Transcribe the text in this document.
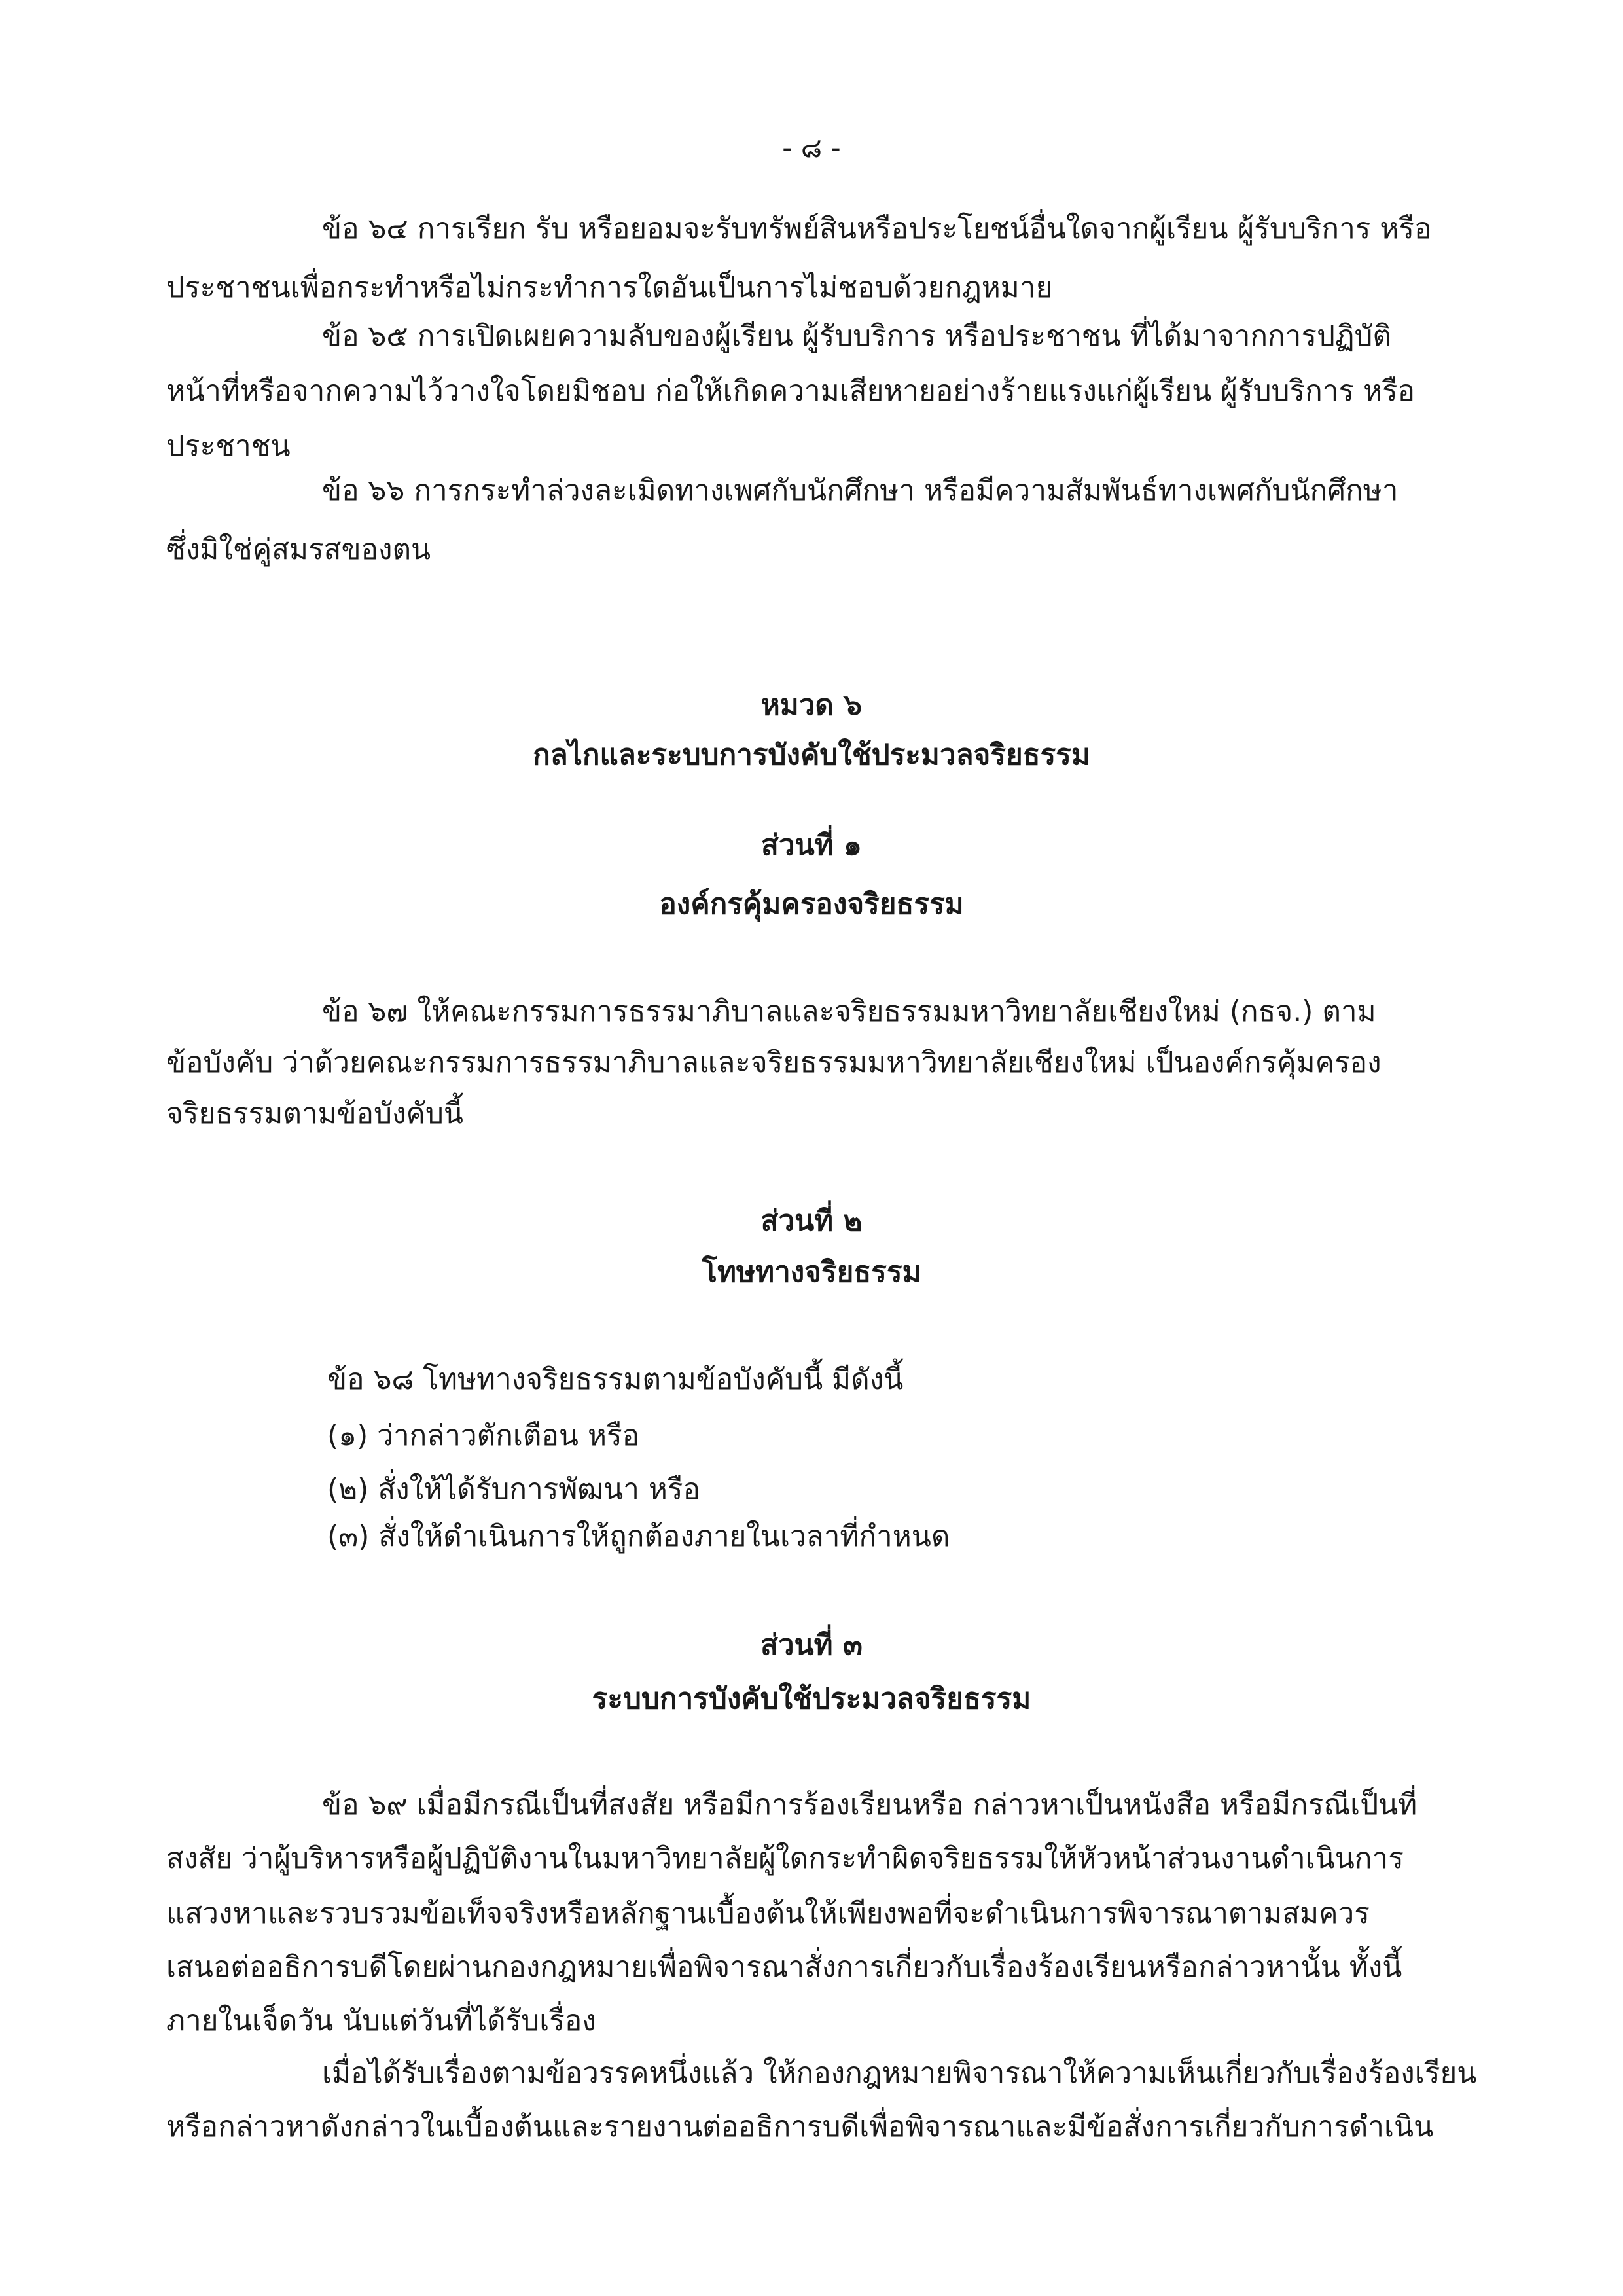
- ๘ -
ข้อ ๖๔ การเรียก รับ หรือยอมจะรับทรัพย์สินหรือประโยชน์อื่นใดจากผู้เรียน ผู้รับบริการ หรือ
ประชาชนเพื่อกระทำหรือไม่กระทำการใดอันเป็นการไม่ชอบด้วยกฎหมาย
ข้อ ๖๕ การเปิดเผยความลับของผู้เรียน ผู้รับบริการ หรือประชาชน ที่ได้มาจากการปฏิบัติ
หน้าที่หรือจากความไว้วางใจโดยมิชอบ ก่อให้เกิดความเสียหายอย่างร้ายแรงแก่ผู้เรียน ผู้รับบริการ หรือ
ประชาชน
ข้อ ๖๖ การกระทำล่วงละเมิดทางเพศกับนักศึกษา หรือมีความสัมพันธ์ทางเพศกับนักศึกษา
ซึ่งมิใช่คู่สมรสของตน
หมวด ๖
กลไกและระบบการบังคับใช้ประมวลจริยธรรม
ส่วนที่ ๑
องค์กรคุ้มครองจริยธรรม
ข้อ ๖๗ ให้คณะกรรมการธรรมาภิบาลและจริยธรรมมหาวิทยาลัยเชียงใหม่ (กธจ.) ตาม
ข้อบังคับ ว่าด้วยคณะกรรมการธรรมาภิบาลและจริยธรรมมหาวิทยาลัยเชียงใหม่ เป็นองค์กรคุ้มครอง
จริยธรรมตามข้อบังคับนี้
ส่วนที่ ๒
โทษทางจริยธรรม
ข้อ ๖๘ โทษทางจริยธรรมตามข้อบังคับนี้ มีดังนี้
(๑) ว่ากล่าวตักเตือน หรือ
(๒) สั่งให้ได้รับการพัฒนา หรือ
(๓) สั่งให้ดำเนินการให้ถูกต้องภายในเวลาที่กำหนด
ส่วนที่ ๓
ระบบการบังคับใช้ประมวลจริยธรรม
ข้อ ๖๙ เมื่อมีกรณีเป็นที่สงสัย หรือมีการร้องเรียนหรือ กล่าวหาเป็นหนังสือ หรือมีกรณีเป็นที่
สงสัย ว่าผู้บริหารหรือผู้ปฏิบัติงานในมหาวิทยาลัยผู้ใดกระทำผิดจริยธรรมให้หัวหน้าส่วนงานดำเนินการ
แสวงหาและรวบรวมข้อเท็จจริงหรือหลักฐานเบื้องต้นให้เพียงพอที่จะดำเนินการพิจารณาตามสมควร
เสนอต่ออธิการบดีโดยผ่านกองกฎหมายเพื่อพิจารณาสั่งการเกี่ยวกับเรื่องร้องเรียนหรือกล่าวหานั้น ทั้งนี้
ภายในเจ็ดวัน นับแต่วันที่ได้รับเรื่อง
เมื่อได้รับเรื่องตามข้อวรรคหนึ่งแล้ว ให้กองกฎหมายพิจารณาให้ความเห็นเกี่ยวกับเรื่องร้องเรียน
หรือกล่าวหาดังกล่าวในเบื้องต้นและรายงานต่ออธิการบดีเพื่อพิจารณาและมีข้อสั่งการเกี่ยวกับการดำเนิน
